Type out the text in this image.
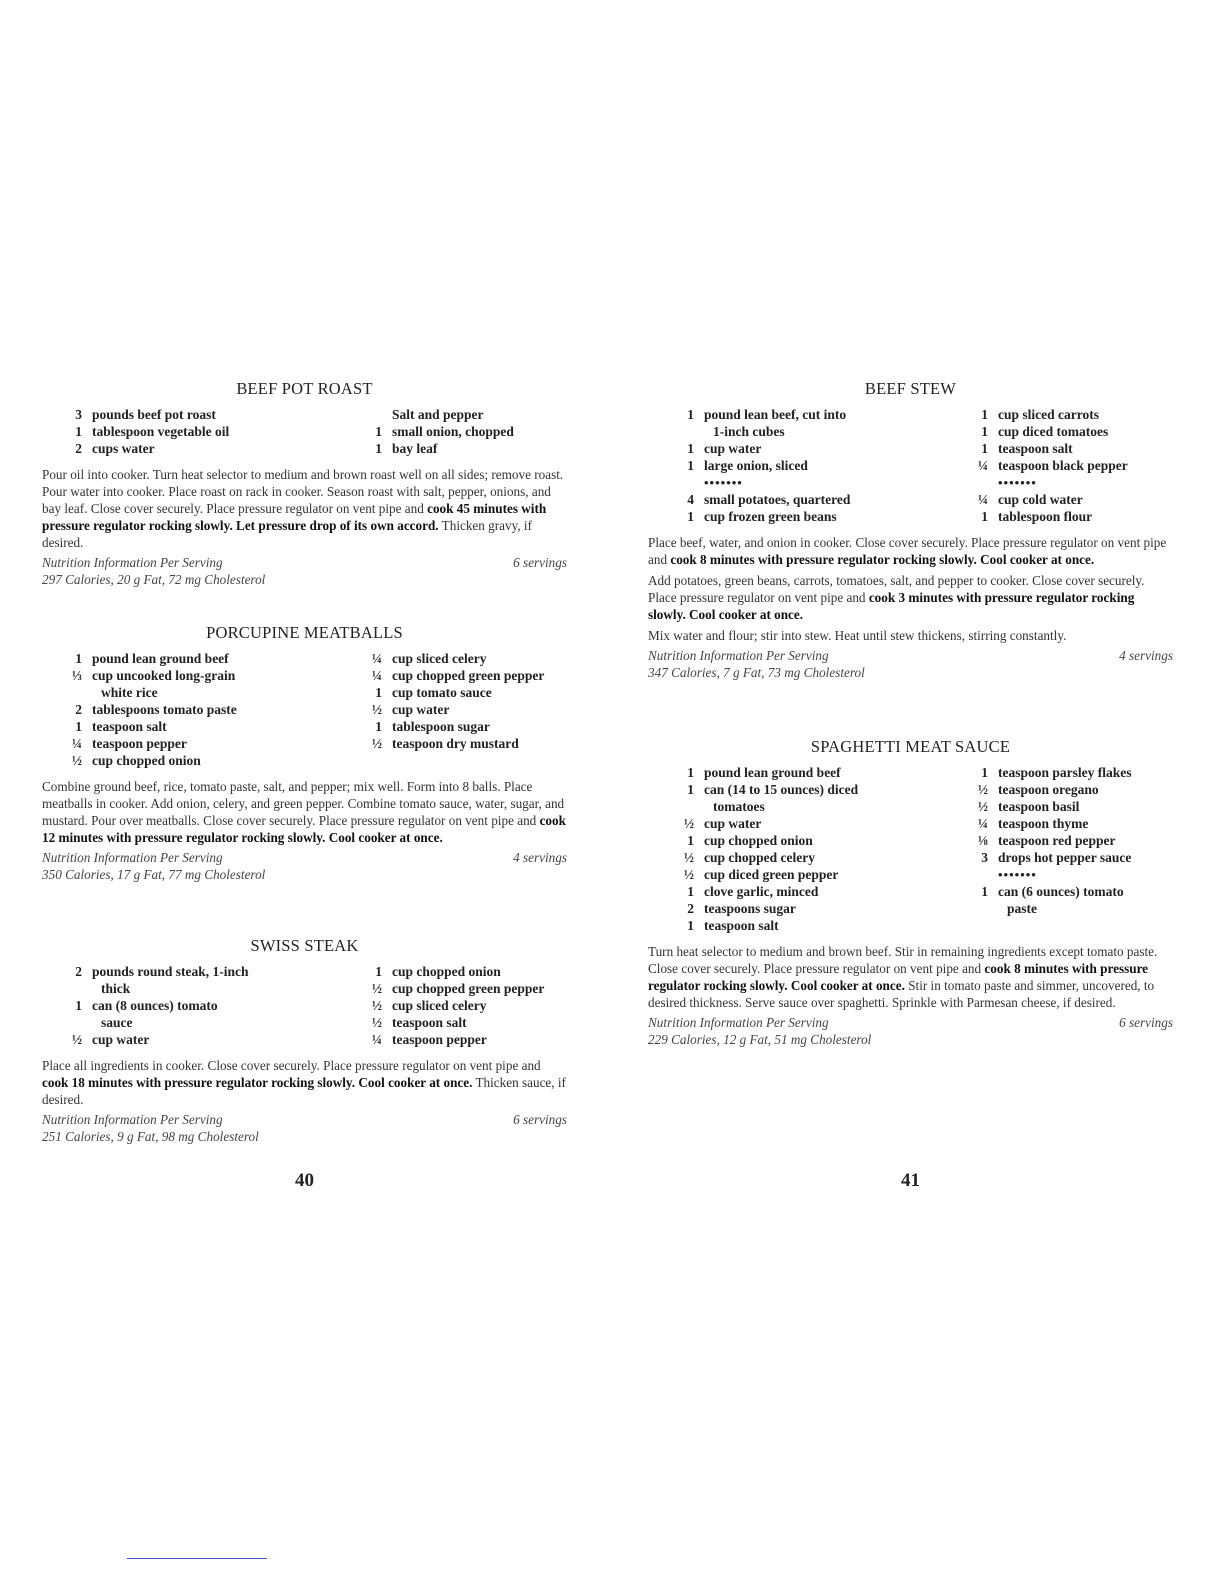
BEEF POT ROAST
3 pounds beef pot roast
1 tablespoon vegetable oil
2 cups water
Salt and pepper
1 small onion, chopped
1 bay leaf

Pour oil into cooker. Turn heat selector to medium and brown roast well on all sides; remove roast. Pour water into cooker. Place roast on rack in cooker. Season roast with salt, pepper, onions, and bay leaf. Close cover securely. Place pressure regulator on vent pipe and cook 45 minutes with pressure regulator rocking slowly. Let pressure drop of its own accord. Thicken gravy, if desired.

Nutrition Information Per Serving	6 servings
297 Calories, 20 g Fat, 72 mg Cholesterol
PORCUPINE MEATBALLS
1 pound lean ground beef
⅓ cup uncooked long-grain
white rice
2 tablespoons tomato paste
1 teaspoon salt
¼ teaspoon pepper
½ cup chopped onion
¼ cup sliced celery
¼ cup chopped green pepper
1 cup tomato sauce
½ cup water
1 tablespoon sugar
½ teaspoon dry mustard

Combine ground beef, rice, tomato paste, salt, and pepper; mix well. Form into 8 balls. Place meatballs in cooker. Add onion, celery, and green pepper. Combine tomato sauce, water, sugar, and mustard. Pour over meatballs. Close cover securely. Place pressure regulator on vent pipe and cook 12 minutes with pressure regulator rocking slowly. Cool cooker at once.

Nutrition Information Per Serving	4 servings
350 Calories, 17 g Fat, 77 mg Cholesterol
SWISS STEAK
2 pounds round steak, 1-inch
thick
1 can (8 ounces) tomato
sauce
½ cup water
1 cup chopped onion
½ cup chopped green pepper
½ cup sliced celery
½ teaspoon salt
¼ teaspoon pepper

Place all ingredients in cooker. Close cover securely. Place pressure regulator on vent pipe and cook 18 minutes with pressure regulator rocking slowly. Cool cooker at once. Thicken sauce, if desired.

Nutrition Information Per Serving	6 servings
251 Calories, 9 g Fat, 98 mg Cholesterol
40
BEEF STEW
1 pound lean beef, cut into
1-inch cubes
1 cup water
1 large onion, sliced
•••••••
4 small potatoes, quartered
1 cup frozen green beans
1 cup sliced carrots
1 cup diced tomatoes
1 teaspoon salt
¼ teaspoon black pepper
•••••••
¼ cup cold water
1 tablespoon flour

Place beef, water, and onion in cooker. Close cover securely. Place pressure regulator on vent pipe and cook 8 minutes with pressure regulator rocking slowly. Cool cooker at once.

Add potatoes, green beans, carrots, tomatoes, salt, and pepper to cooker. Close cover securely. Place pressure regulator on vent pipe and cook 3 minutes with pressure regulator rocking slowly. Cool cooker at once.

Mix water and flour; stir into stew. Heat until stew thickens, stirring constantly.

Nutrition Information Per Serving	4 servings
347 Calories, 7 g Fat, 73 mg Cholesterol
SPAGHETTI MEAT SAUCE
1 pound lean ground beef
1 can (14 to 15 ounces) diced
tomatoes
½ cup water
1 cup chopped onion
½ cup chopped celery
½ cup diced green pepper
1 clove garlic, minced
2 teaspoons sugar
1 teaspoon salt
1 teaspoon parsley flakes
½ teaspoon oregano
½ teaspoon basil
¼ teaspoon thyme
⅛ teaspoon red pepper
3 drops hot pepper sauce
•••••••
1 can (6 ounces) tomato
paste

Turn heat selector to medium and brown beef. Stir in remaining ingredients except tomato paste. Close cover securely. Place pressure regulator on vent pipe and cook 8 minutes with pressure regulator rocking slowly. Cool cooker at once. Stir in tomato paste and simmer, uncovered, to desired thickness. Serve sauce over spaghetti. Sprinkle with Parmesan cheese, if desired.

Nutrition Information Per Serving	6 servings
229 Calories, 12 g Fat, 51 mg Cholesterol
41
